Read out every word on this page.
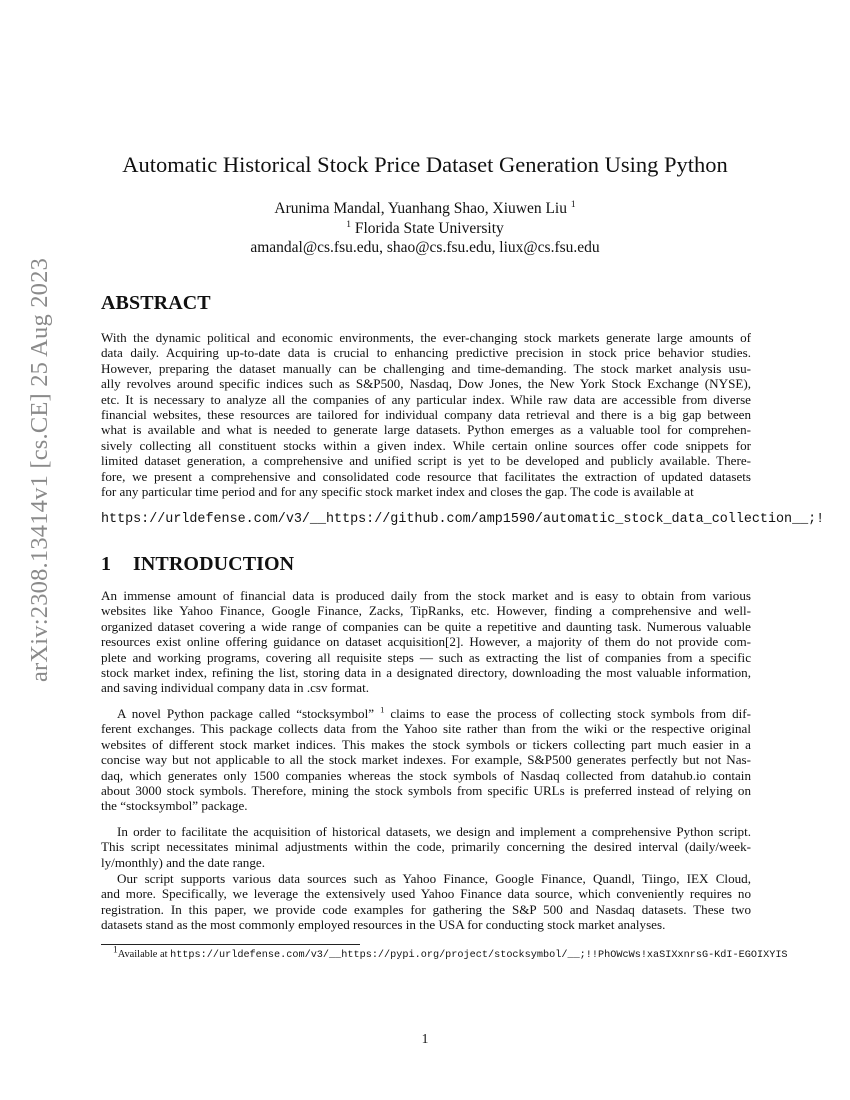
arXiv:2308.13414v1 [cs.CE] 25 Aug 2023
Automatic Historical Stock Price Dataset Generation Using Python
Arunima Mandal, Yuanhang Shao, Xiuwen Liu $^1$
$^1$ Florida State University
amandal@cs.fsu.edu, shao@cs.fsu.edu, liux@cs.fsu.edu
ABSTRACT
With the dynamic political and economic environments, the ever-changing stock markets generate large amounts of
data daily. Acquiring up-to-date data is crucial to enhancing predictive precision in stock price behavior studies.
However, preparing the dataset manually can be challenging and time-demanding. The stock market analysis usu-
ally revolves around specific indices such as S&P500, Nasdaq, Dow Jones, the New York Stock Exchange (NYSE),
etc. It is necessary to analyze all the companies of any particular index. While raw data are accessible from diverse
financial websites, these resources are tailored for individual company data retrieval and there is a big gap between
what is available and what is needed to generate large datasets. Python emerges as a valuable tool for comprehen-
sively collecting all constituent stocks within a given index. While certain online sources offer code snippets for
limited dataset generation, a comprehensive and unified script is yet to be developed and publicly available. There-
fore, we present a comprehensive and consolidated code resource that facilitates the extraction of updated datasets
for any particular time period and for any specific stock market index and closes the gap. The code is available at
https://urldefense.com/v3/__https://github.com/amp1590/automatic_stock_data_collection__;!
1 INTRODUCTION
An immense amount of financial data is produced daily from the stock market and is easy to obtain from various
websites like Yahoo Finance, Google Finance, Zacks, TipRanks, etc. However, finding a comprehensive and well-
organized dataset covering a wide range of companies can be quite a repetitive and daunting task. Numerous valuable
resources exist online offering guidance on dataset acquisition[2]. However, a majority of them do not provide com-
plete and working programs, covering all requisite steps — such as extracting the list of companies from a specific
stock market index, refining the list, storing data in a designated directory, downloading the most valuable information,
and saving individual company data in .csv format.
A novel Python package called “stocksymbol” $^1$ claims to ease the process of collecting stock symbols from dif-
ferent exchanges. This package collects data from the Yahoo site rather than from the wiki or the respective original
websites of different stock market indices. This makes the stock symbols or tickers collecting part much easier in a
concise way but not applicable to all the stock market indexes. For example, S&P500 generates perfectly but not Nas-
daq, which generates only 1500 companies whereas the stock symbols of Nasdaq collected from datahub.io contain
about 3000 stock symbols. Therefore, mining the stock symbols from specific URLs is preferred instead of relying on
the “stocksymbol” package.
In order to facilitate the acquisition of historical datasets, we design and implement a comprehensive Python script.
This script necessitates minimal adjustments within the code, primarily concerning the desired interval (daily/week-
ly/monthly) and the date range.
Our script supports various data sources such as Yahoo Finance, Google Finance, Quandl, Tiingo, IEX Cloud,
and more. Specifically, we leverage the extensively used Yahoo Finance data source, which conveniently requires no
registration. In this paper, we provide code examples for gathering the S&P 500 and Nasdaq datasets. These two
datasets stand as the most commonly employed resources in the USA for conducting stock market analyses.
$^1$Available at https://urldefense.com/v3/__https://pypi.org/project/stocksymbol/__;!!PhOWcWs!xaSIXxnrsG-KdI-EGOIXYIS
1
